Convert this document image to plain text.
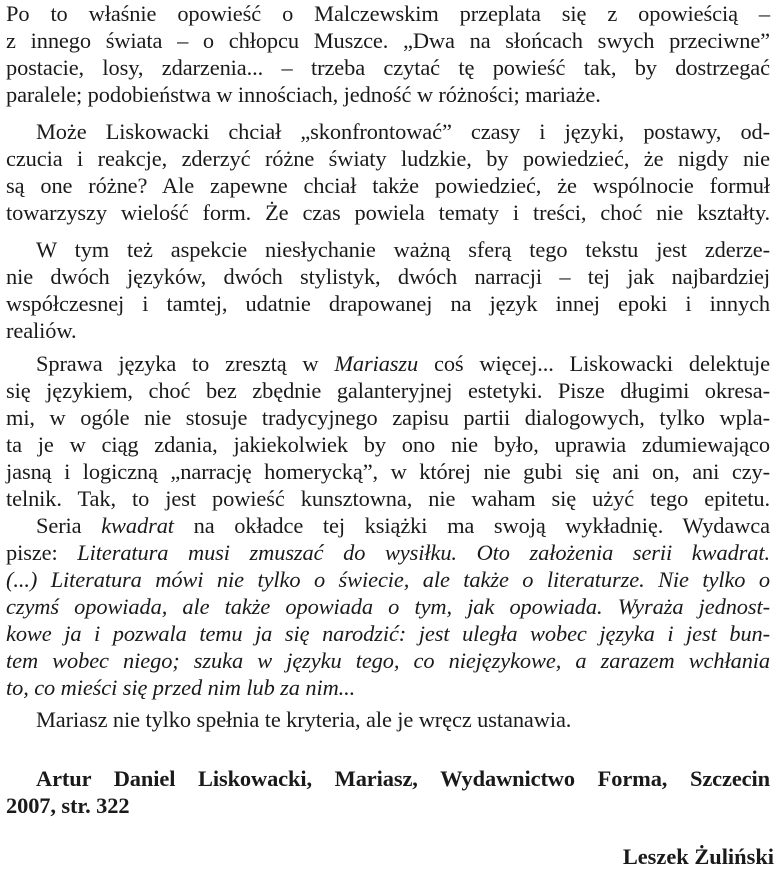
Po to właśnie opowieść o Malczewskim przeplata się z opowieścią –
z innego świata – o chłopcu Muszce. „Dwa na słońcach swych przeciwne”
postacie, losy, zdarzenia... – trzeba czytać tę powieść tak, by dostrzegać
paralele; podobieństwa w innościach, jedność w różności; mariaże.
Może Liskowacki chciał „skonfrontować” czasy i języki, postawy, od-
czucia i reakcje, zderzyć różne światy ludzkie, by powiedzieć, że nigdy nie
są one różne? Ale zapewne chciał także powiedzieć, że wspólnocie formuł
towarzyszy wielość form. Że czas powiela tematy i treści, choć nie kształty.
W tym też aspekcie niesłychanie ważną sferą tego tekstu jest zderze-
nie dwóch języków, dwóch stylistyk, dwóch narracji – tej jak najbardziej
współczesnej i tamtej, udatnie drapowanej na język innej epoki i innych
realiów.
Sprawa języka to zresztą w Mariaszu coś więcej... Liskowacki delektuje
się językiem, choć bez zbędnie galanteryjnej estetyki. Pisze długimi okresa-
mi, w ogóle nie stosuje tradycyjnego zapisu partii dialogowych, tylko wpla-
ta je w ciąg zdania, jakiekolwiek by ono nie było, uprawia zdumiewająco
jasną i logiczną „narrację homerycką”, w której nie gubi się ani on, ani czy-
telnik. Tak, to jest powieść kunsztowna, nie waham się użyć tego epitetu.
Seria kwadrat na okładce tej książki ma swoją wykładnię. Wydawca
pisze: Literatura musi zmuszać do wysiłku. Oto założenia serii kwadrat.
(...) Literatura mówi nie tylko o świecie, ale także o literaturze. Nie tylko o
czymś opowiada, ale także opowiada o tym, jak opowiada. Wyraża jednost-
kowe ja i pozwala temu ja się narodzić: jest uległa wobec języka i jest bun-
tem wobec niego; szuka w języku tego, co niejęzykowe, a zarazem wchłania
to, co mieści się przed nim lub za nim...
Mariasz nie tylko spełnia te kryteria, ale je wręcz ustanawia.
Artur Daniel Liskowacki, Mariasz, Wydawnictwo Forma, Szczecin
2007, str. 322
Leszek Żuliński
